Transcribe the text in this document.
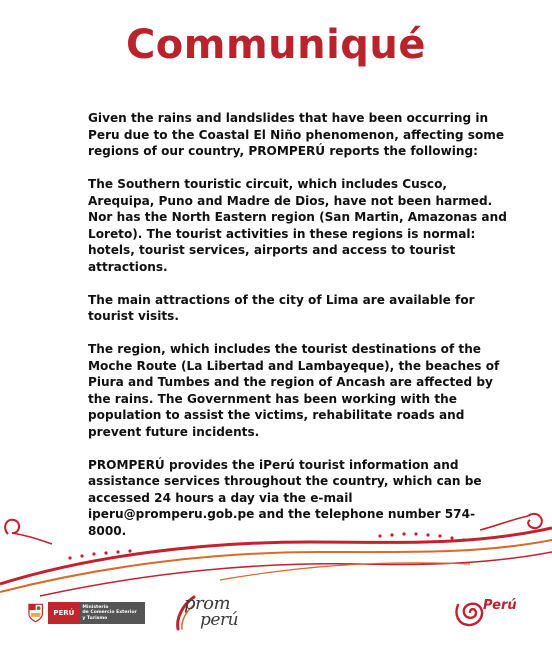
Communiqué

Given the rains and landslides that have been occurring in Peru due to the Coastal El Niño phenomenon, affecting some regions of our country, PROMPERÚ reports the following:

The Southern touristic circuit, which includes Cusco, Arequipa, Puno and Madre de Dios, have not been harmed. Nor has the North Eastern region (San Martin, Amazonas and Loreto). The tourist activities in these regions is normal: hotels, tourist services, airports and access to tourist attractions.

The main attractions of the city of Lima are available for tourist visits.

The region, which includes the tourist destinations of the Moche Route (La Libertad and Lambayeque), the beaches of Piura and Tumbes and the region of Ancash are affected by the rains. The Government has been working with the population to assist the victims, rehabilitate roads and prevent future incidents.

PROMPERÚ provides the iPerú tourist information and assistance services throughout the country, which can be accessed 24 hours a day via the e-mail iperu@promperu.gob.pe and the telephone number 574-8000.

PERÚ
Ministerio
de Comercio Exterior
y Turismo
prom
perú
Perú
